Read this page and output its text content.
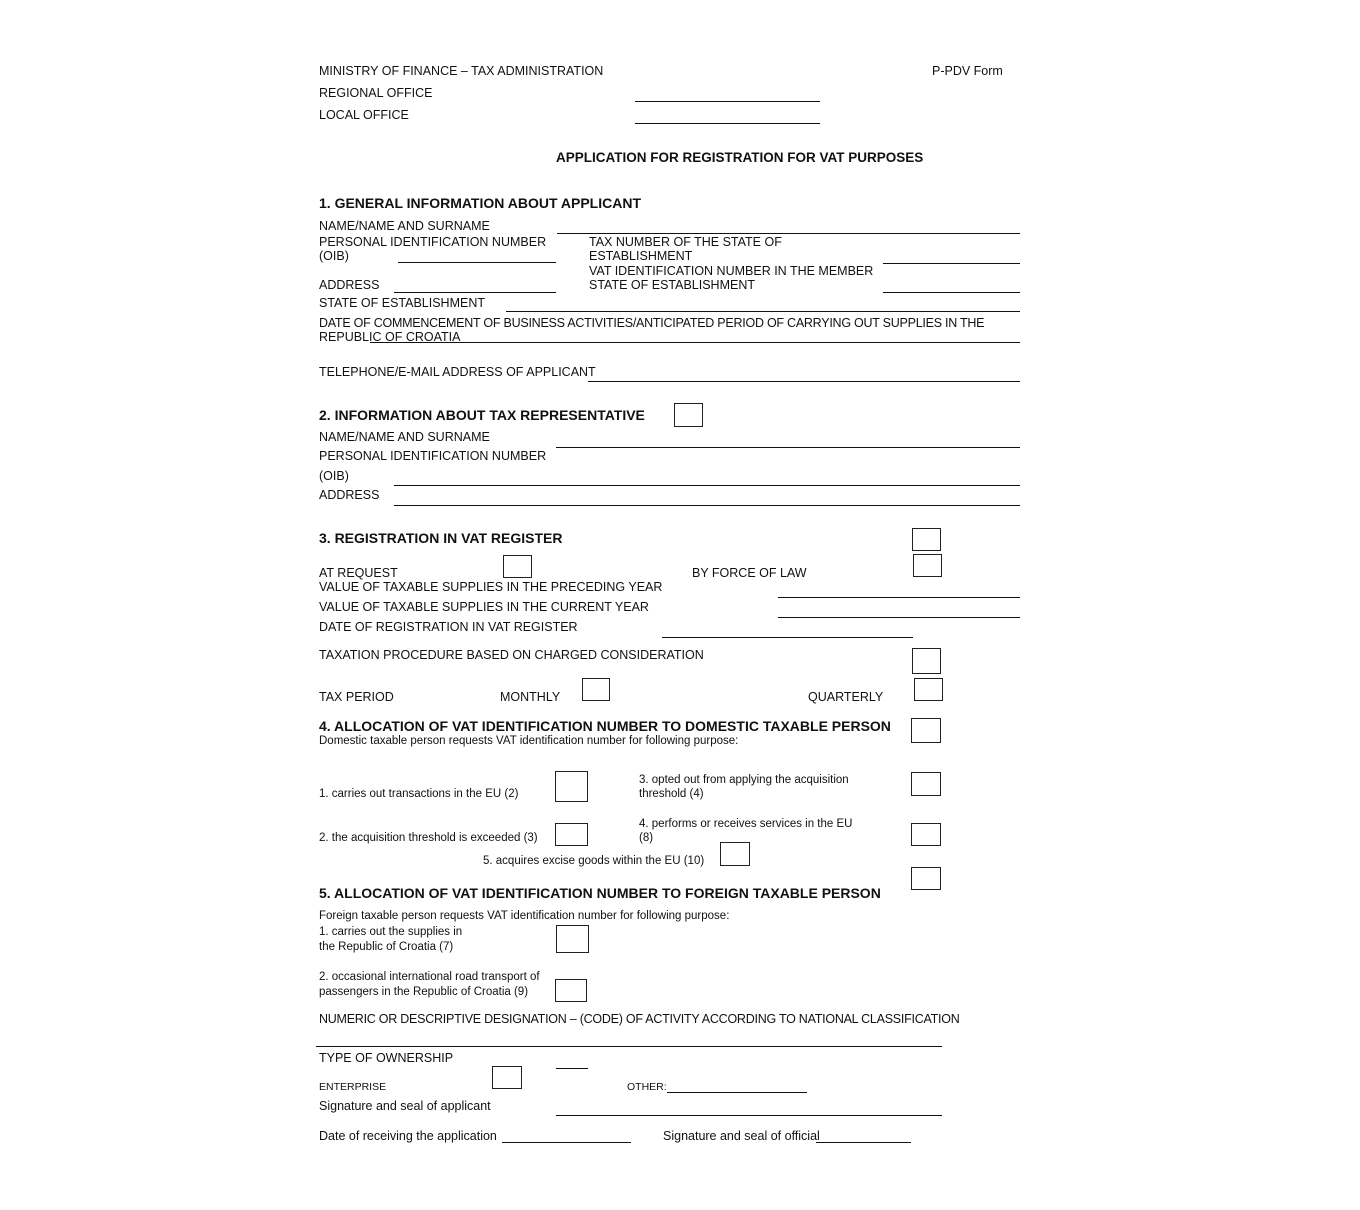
MINISTRY OF FINANCE – TAX ADMINISTRATION	P-PDV Form
REGIONAL OFFICE
LOCAL OFFICE
APPLICATION FOR REGISTRATION FOR VAT PURPOSES
1. GENERAL INFORMATION ABOUT APPLICANT
NAME/NAME AND SURNAME
PERSONAL IDENTIFICATION NUMBER
(OIB)
TAX NUMBER OF THE STATE OF
ESTABLISHMENT
VAT IDENTIFICATION NUMBER IN THE MEMBER
STATE OF ESTABLISHMENT
ADDRESS
STATE OF ESTABLISHMENT
DATE OF COMMENCEMENT OF BUSINESS ACTIVITIES/ANTICIPATED PERIOD OF CARRYING OUT SUPPLIES IN THE
REPUBLIC OF CROATIA
TELEPHONE/E-MAIL ADDRESS OF APPLICANT
2. INFORMATION ABOUT TAX REPRESENTATIVE
NAME/NAME AND SURNAME
PERSONAL IDENTIFICATION NUMBER
(OIB)
ADDRESS
3. REGISTRATION IN VAT REGISTER
AT REQUEST	BY FORCE OF LAW
VALUE OF TAXABLE SUPPLIES IN THE PRECEDING YEAR
VALUE OF TAXABLE SUPPLIES IN THE CURRENT YEAR
DATE OF REGISTRATION IN VAT REGISTER
TAXATION PROCEDURE BASED ON CHARGED CONSIDERATION
TAX PERIOD	MONTHLY	QUARTERLY
4. ALLOCATION OF VAT IDENTIFICATION NUMBER TO DOMESTIC TAXABLE PERSON
Domestic taxable person requests VAT identification number for following purpose:
1. carries out transactions in the EU (2)
3. opted out from applying the acquisition
threshold (4)
2. the acquisition threshold is exceeded (3)
4. performs or receives services in the EU
(8)
5. acquires excise goods within the EU (10)
5. ALLOCATION OF VAT IDENTIFICATION NUMBER TO FOREIGN TAXABLE PERSON
Foreign taxable person requests VAT identification number for following purpose:
1. carries out the supplies in
the Republic of Croatia (7)
2. occasional international road transport of
passengers in the Republic of Croatia (9)
NUMERIC OR DESCRIPTIVE DESIGNATION – (CODE) OF ACTIVITY ACCORDING TO NATIONAL CLASSIFICATION
TYPE OF OWNERSHIP
ENTERPRISE	OTHER:
Signature and seal of applicant
Date of receiving the application	Signature and seal of official
